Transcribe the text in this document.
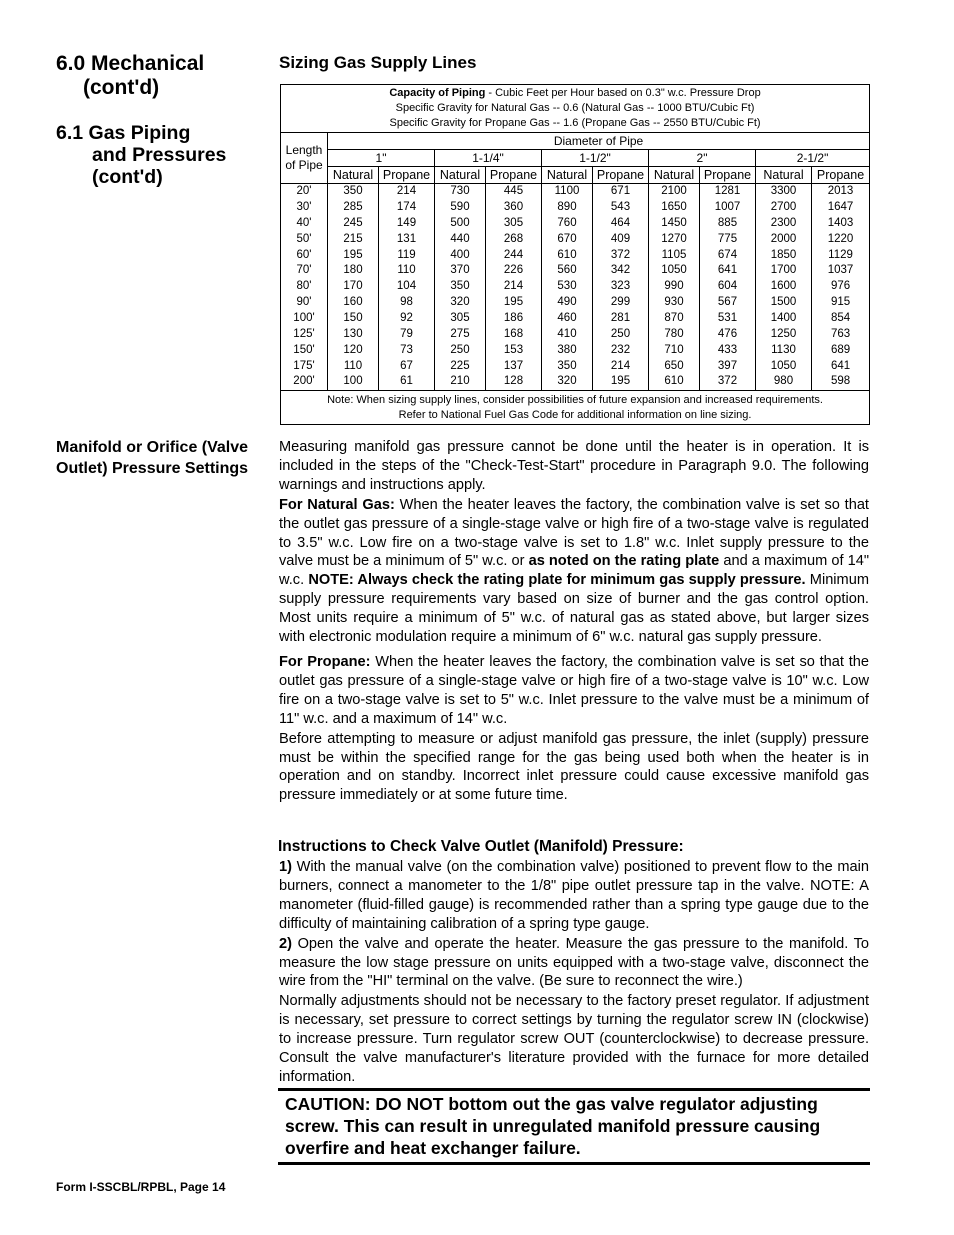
6.0 Mechanical

(cont'd)
6.1 Gas Piping

and Pressures
(cont'd)
Sizing Gas Supply Lines
Capacity of Piping - Cubic Feet per Hour based on 0.3" w.c. Pressure Drop
Specific Gravity for Natural Gas -- 0.6 (Natural Gas -- 1000 BTU/Cubic Ft)
Specific Gravity for Propane Gas -- 1.6 (Propane Gas -- 2550 BTU/Cubic Ft)										
Length
of Pipe	Diameter of Pipe									
	1"		1-1/4"		1-1/2"		2"		2-1/2"	
	Natural	Propane	Natural	Propane	Natural	Propane	Natural	Propane	Natural	Propane
20'	350	214	730	445	1100	671	2100	1281	3300	2013
30'	285	174	590	360	890	543	1650	1007	2700	1647
40'	245	149	500	305	760	464	1450	885	2300	1403
50'	215	131	440	268	670	409	1270	775	2000	1220
60'	195	119	400	244	610	372	1105	674	1850	1129
70'	180	110	370	226	560	342	1050	641	1700	1037
80'	170	104	350	214	530	323	990	604	1600	976
90'	160	98	320	195	490	299	930	567	1500	915
100'	150	92	305	186	460	281	870	531	1400	854
125'	130	79	275	168	410	250	780	476	1250	763
150'	120	73	250	153	380	232	710	433	1130	689
175'	110	67	225	137	350	214	650	397	1050	641
200'	100	61	210	128	320	195	610	372	980	598
Note: When sizing supply lines, consider possibilities of future expansion and increased requirements.
Refer to National Fuel Gas Code for additional information on line sizing.										
Manifold or Orifice (Valve Outlet) Pressure Settings

Measuring manifold gas pressure cannot be done until the heater is in operation. It is included in the steps of the "Check-Test-Start" procedure in Paragraph 9.0. The following warnings and instructions apply.

For Natural Gas: When the heater leaves the factory, the combination valve is set so that the outlet gas pressure of a single-stage valve or high fire of a two-stage valve is regulated to 3.5" w.c. Low fire on a two-stage valve is set to 1.8" w.c. Inlet supply pressure to the valve must be a minimum of 5" w.c. or as noted on the rating plate and a maximum of 14" w.c. NOTE: Always check the rating plate for minimum gas supply pressure. Minimum supply pressure requirements vary based on size of burner and the gas control option. Most units require a minimum of 5" w.c. of natural gas as stated above, but larger sizes with electronic modulation require a minimum of 6" w.c. natural gas supply pressure.

For Propane: When the heater leaves the factory, the combination valve is set so that the outlet gas pressure of a single-stage valve or high fire of a two-stage valve is 10" w.c. Low fire on a two-stage valve is set to 5" w.c. Inlet pressure to the valve must be a minimum of 11" w.c. and a maximum of 14" w.c.

Before attempting to measure or adjust manifold gas pressure, the inlet (supply) pressure must be within the specified range for the gas being used both when the heater is in operation and on standby. Incorrect inlet pressure could cause excessive manifold gas pressure immediately or at some future time.

Instructions to Check Valve Outlet (Manifold) Pressure:

1) With the manual valve (on the combination valve) positioned to prevent flow to the main burners, connect a manometer to the 1/8" pipe outlet pressure tap in the valve. NOTE: A manometer (fluid-filled gauge) is recommended rather than a spring type gauge due to the difficulty of maintaining calibration of a spring type gauge.

2) Open the valve and operate the heater. Measure the gas pressure to the manifold. To measure the low stage pressure on units equipped with a two-stage valve, disconnect the wire from the "HI" terminal on the valve. (Be sure to reconnect the wire.)

Normally adjustments should not be necessary to the factory preset regulator. If adjustment is necessary, set pressure to correct settings by turning the regulator screw IN (clockwise) to increase pressure. Turn regulator screw OUT (counterclockwise) to decrease pressure. Consult the valve manufacturer's literature provided with the furnace for more detailed information.

CAUTION: DO NOT bottom out the gas valve regulator adjusting screw. This can result in unregulated manifold pressure causing overfire and heat exchanger failure.
Form I-SSCBL/RPBL, Page 14
